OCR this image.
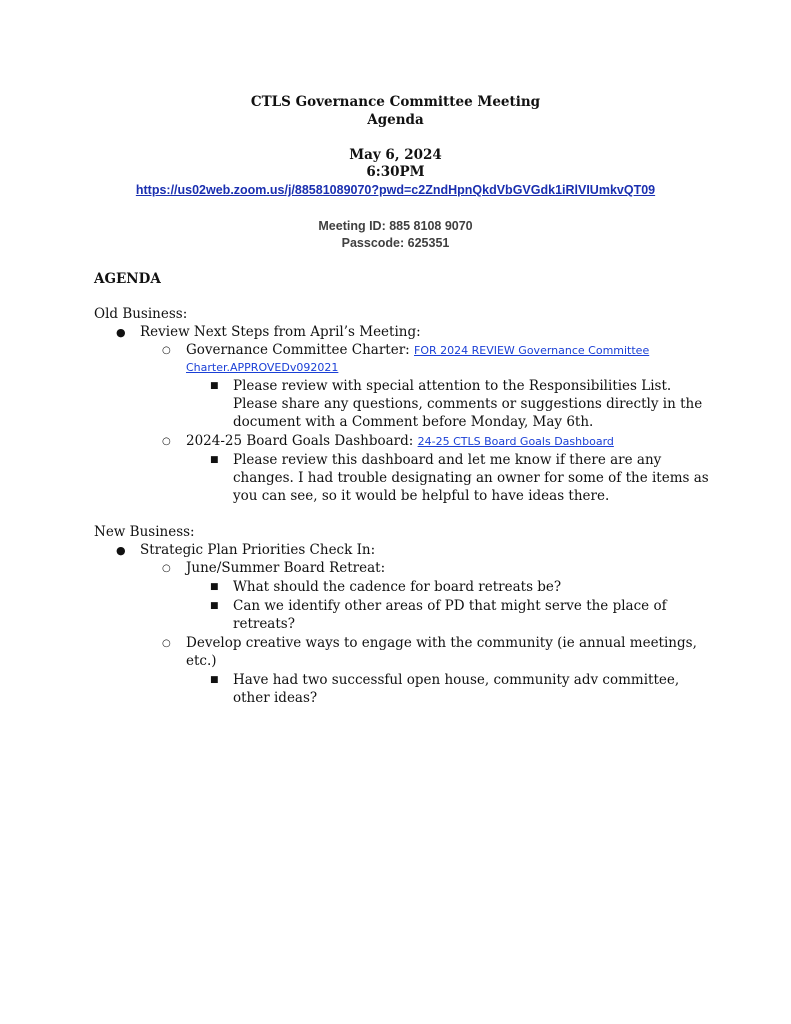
CTLS Governance Committee Meeting
Agenda
May 6, 2024
6:30PM
https://us02web.zoom.us/j/88581089070?pwd=c2ZndHpnQkdVbGVGdk1iRlVIUmkvQT09
Meeting ID: 885 8108 9070
Passcode: 625351
AGENDA
Old Business:
● Review Next Steps from April’s Meeting:
○ Governance Committee Charter: FOR 2024 REVIEW Governance Committee
Charter.APPROVEDv092021
■ Please review with special attention to the Responsibilities List.
Please share any questions, comments or suggestions directly in the
document with a Comment before Monday, May 6th.
○ 2024-25 Board Goals Dashboard: 24-25 CTLS Board Goals Dashboard
■ Please review this dashboard and let me know if there are any
changes. I had trouble designating an owner for some of the items as
you can see, so it would be helpful to have ideas there.
New Business:
● Strategic Plan Priorities Check In:
○ June/Summer Board Retreat:
■ What should the cadence for board retreats be?
■ Can we identify other areas of PD that might serve the place of
retreats?
○ Develop creative ways to engage with the community (ie annual meetings,
etc.)
■ Have had two successful open house, community adv committee,
other ideas?
